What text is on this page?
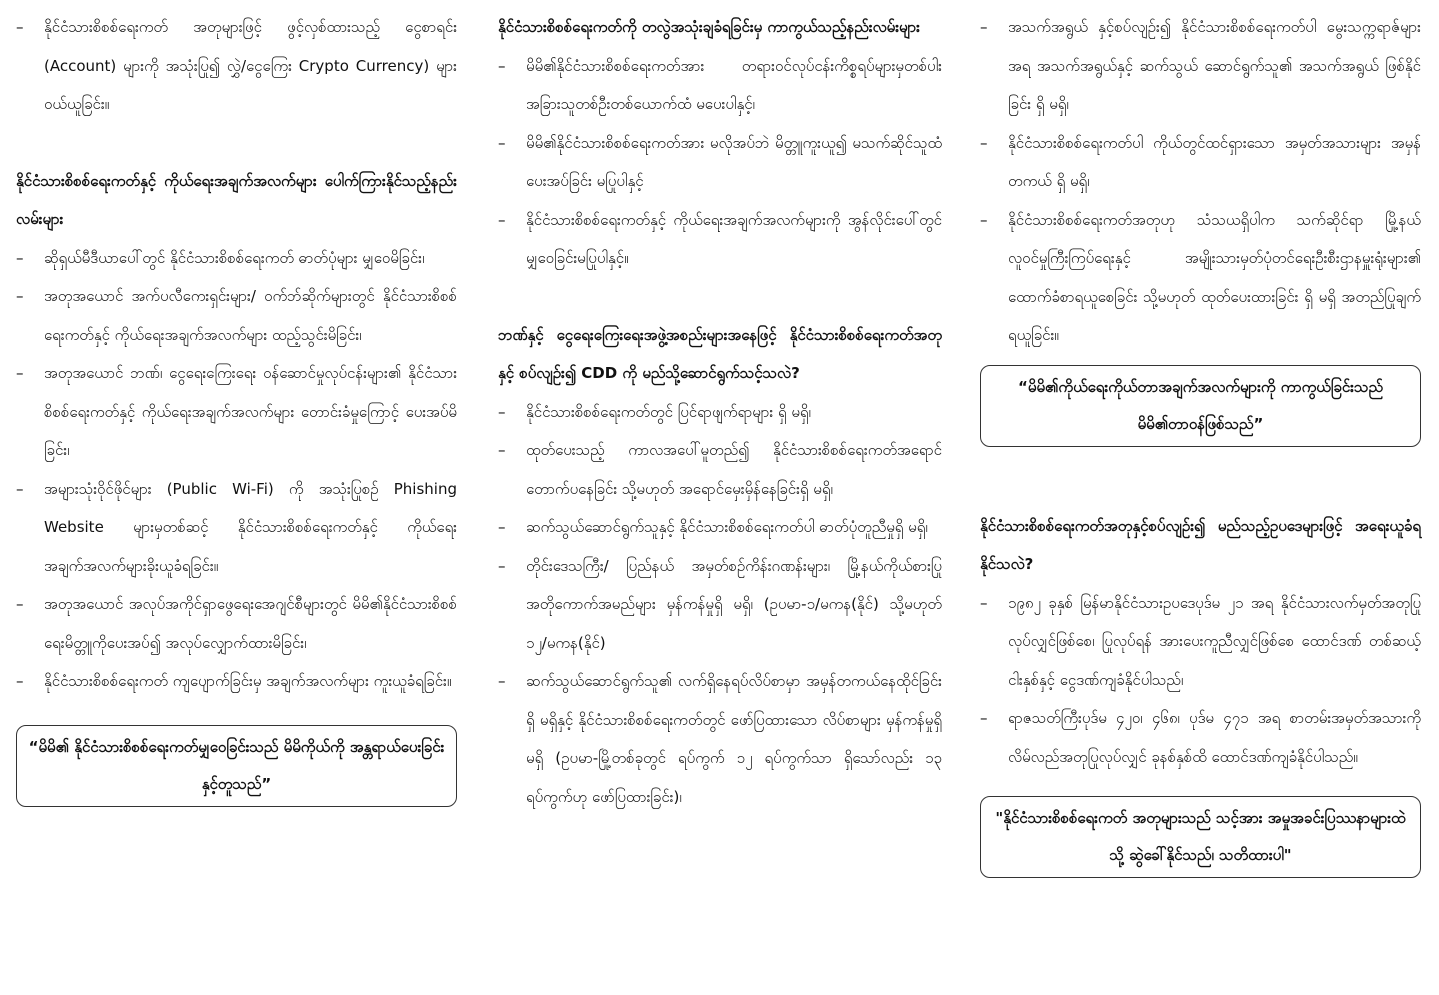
– နိုင်ငံသားစိစစ်ရေးကတ် အတုများဖြင့် ဖွင့်လှစ်ထားသည့် ငွေစာရင်း (Account) များကို အသုံးပြု၍ လွှဲ/ငွေကြေး Crypto Currency) များ ဝယ်ယူခြင်း။

နိုင်ငံသားစိစစ်ရေးကတ်နှင့် ကိုယ်ရေးအချက်အလက်များ ပေါက်ကြားနိုင်သည့်နည်းလမ်းများ

– ဆိုရှယ်မီဒီယာပေါ်တွင် နိုင်ငံသားစိစစ်ရေးကတ် ဓာတ်ပုံများ မျှဝေမိခြင်း၊
– အတုအယောင် အက်ပလီကေးရှင်းများ/ ဝက်ဘ်ဆိုက်များတွင် နိုင်ငံသားစိစစ်ရေးကတ်နှင့် ကိုယ်ရေးအချက်အလက်များ ထည့်သွင်းမိခြင်း၊
– အတုအယောင် ဘဏ်၊ ငွေရေးကြေးရေး ဝန်ဆောင်မှုလုပ်ငန်းများ၏ နိုင်ငံသားစိစစ်ရေးကတ်နှင့် ကိုယ်ရေးအချက်အလက်များ တောင်းခံမှုကြောင့် ပေးအပ်မိခြင်း၊
– အများသုံးဝိုင်ဖိုင်များ (Public Wi-Fi) ကို အသုံးပြုစဉ် Phishing Website များမှတစ်ဆင့် နိုင်ငံသားစိစစ်ရေးကတ်နှင့် ကိုယ်ရေးအချက်အလက်များခိုးယူခံရခြင်း။
– အတုအယောင် အလုပ်အကိုင်ရှာဖွေရေးအေဂျင်စီများတွင် မိမိ၏နိုင်ငံသားစိစစ်ရေးမိတ္တူကိုပေးအပ်၍ အလုပ်လျှောက်ထားမိခြင်း၊
– နိုင်ငံသားစိစစ်ရေးကတ် ကျပျောက်ခြင်းမှ အချက်အလက်များ ကူးယူခံရခြင်း။
“မိမိ၏ နိုင်ငံသားစိစစ်ရေးကတ်မျှဝေခြင်းသည် မိမိကိုယ်ကို အန္တရာယ်ပေးခြင်းနှင့်တူသည်”

နိုင်ငံသားစိစစ်ရေးကတ်ကို တလွဲအသုံးချခံရခြင်းမှ ကာကွယ်သည့်နည်းလမ်းများ

– မိမိ၏နိုင်ငံသားစိစစ်ရေးကတ်အား တရားဝင်လုပ်ငန်းကိစ္စရပ်များမှတစ်ပါး အခြားသူတစ်ဦးတစ်ယောက်ထံ မပေးပါနှင့်၊
– မိမိ၏နိုင်ငံသားစိစစ်ရေးကတ်အား မလိုအပ်ဘဲ မိတ္တူကူးယူ၍ မသက်ဆိုင်သူထံပေးအပ်ခြင်း မပြုပါနှင့်
– နိုင်ငံသားစိစစ်ရေးကတ်နှင့် ကိုယ်ရေးအချက်အလက်များကို အွန်လိုင်းပေါ်တွင် မျှဝေခြင်းမပြုပါနှင့်။

ဘဏ်နှင့် ငွေရေးကြေးရေးအဖွဲ့အစည်းများအနေဖြင့် နိုင်ငံသားစိစစ်ရေးကတ်အတုနှင့် စပ်လျဉ်း၍ CDD ကို မည်သို့ဆောင်ရွက်သင့်သလဲ?

– နိုင်ငံသားစိစစ်ရေးကတ်တွင် ပြင်ရာဖျက်ရာများ ရှိ မရှိ၊
– ထုတ်ပေးသည့် ကာလအပေါ်မူတည်၍ နိုင်ငံသားစိစစ်ရေးကတ်အရောင်တောက်ပနေခြင်း သို့မဟုတ် အရောင်မှေးမှိန်နေခြင်းရှိ မရှိ၊
– ဆက်သွယ်ဆောင်ရွက်သူနှင့် နိုင်ငံသားစိစစ်ရေးကတ်ပါ ဓာတ်ပုံတူညီမှုရှိ မရှိ၊
– တိုင်းဒေသကြီး/ ပြည်နယ် အမှတ်စဉ်ကိန်းဂဏန်းများ၊ မြို့နယ်ကိုယ်စားပြု အတိုကောက်အမည်များ မှန်ကန်မှုရှိ မရှိ၊ (ဥပမာ-၁/မကန(နိုင်) သို့မဟုတ် ၁၂/မကန(နိုင်)
– ဆက်သွယ်ဆောင်ရွက်သူ၏ လက်ရှိနေရပ်လိပ်စာမှာ အမှန်တကယ်နေထိုင်ခြင်း ရှိ မရှိနှင့် နိုင်ငံသားစိစစ်ရေးကတ်တွင် ဖော်ပြထားသော လိပ်စာများ မှန်ကန်မှုရှိ မရှိ (ဥပမာ-မြို့တစ်ခုတွင် ရပ်ကွက် ၁၂ ရပ်ကွက်သာ ရှိသော်လည်း ၁၃ ရပ်ကွက်ဟု ဖော်ပြထားခြင်း)၊
– အသက်အရွယ် နှင့်စပ်လျဉ်း၍ နိုင်ငံသားစိစစ်ရေးကတ်ပါ မွေးသက္ကရာဇ်များအရ အသက်အရွယ်နှင့် ဆက်သွယ် ဆောင်ရွက်သူ၏ အသက်အရွယ် ဖြစ်နိုင်ခြင်း ရှိ မရှိ၊
– နိုင်ငံသားစိစစ်ရေးကတ်ပါ ကိုယ်တွင်ထင်ရှားသော အမှတ်အသားများ အမှန်တကယ် ရှိ မရှိ၊
– နိုင်ငံသားစိစစ်ရေးကတ်အတုဟု သံသယရှိပါက သက်ဆိုင်ရာ မြို့နယ်လူဝင်မှုကြီးကြပ်ရေးနှင့် အမျိုးသားမှတ်ပုံတင်ရေးဦးစီးဌာနမှူးရုံးများ၏ ထောက်ခံစာရယူစေခြင်း သို့မဟုတ် ထုတ်ပေးထားခြင်း ရှိ မရှိ အတည်ပြုချက်ရယူခြင်း။
“မိမိ၏ကိုယ်ရေးကိုယ်တာအချက်အလက်များကို ကာကွယ်ခြင်းသည် မိမိ၏တာဝန်ဖြစ်သည်”

နိုင်ငံသားစိစစ်ရေးကတ်အတုနှင့်စပ်လျဉ်း၍ မည်သည့်ဥပဒေများဖြင့် အရေးယူခံရနိုင်သလဲ?

– ၁၉၈၂ ခုနှစ် မြန်မာနိုင်ငံသားဥပဒေပုဒ်မ ၂၁ အရ နိုင်ငံသားလက်မှတ်အတုပြုလုပ်လျှင်ဖြစ်စေ၊ ပြုလုပ်ရန် အားပေးကူညီလျှင်ဖြစ်စေ ထောင်ဒဏ် တစ်ဆယ့်ငါးနှစ်နှင့် ငွေဒဏ်ကျခံနိုင်ပါသည်၊
– ရာဇသတ်ကြီးပုဒ်မ ၄၂၀၊ ၄၆၈၊ ပုဒ်မ ၄၇၁ အရ စာတမ်းအမှတ်အသားကို လိမ်လည်အတုပြုလုပ်လျှင် ခုနစ်နှစ်ထိ ထောင်ဒဏ်ကျခံနိုင်ပါသည်။
"နိုင်ငံသားစိစစ်ရေးကတ် အတုများသည် သင့်အား အမှုအခင်းပြဿနာများထဲသို့ ဆွဲခေါ်နိုင်သည်၊ သတိထားပါ"
